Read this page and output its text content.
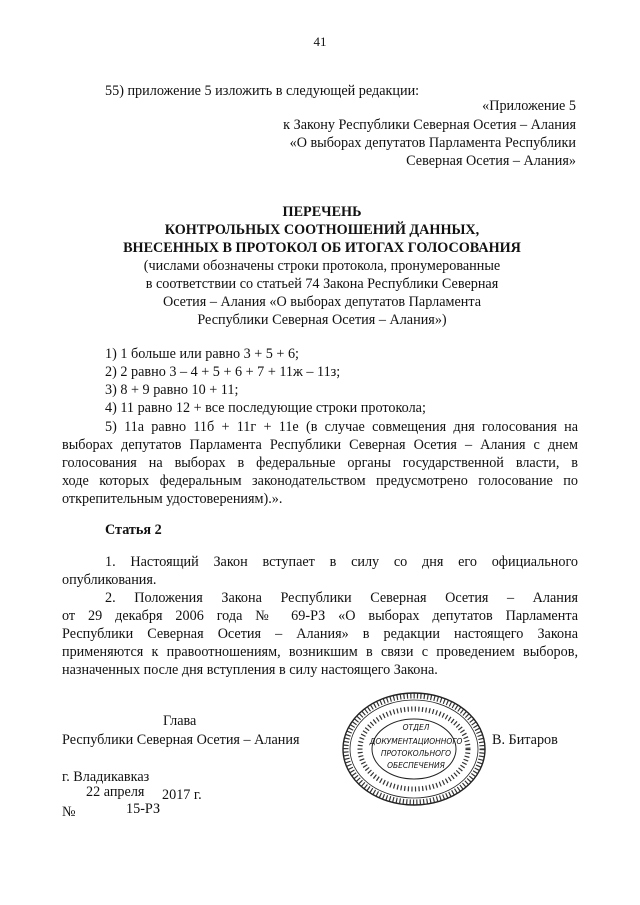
41
55) приложение 5 изложить в следующей редакции:
«Приложение 5
к Закону Республики Северная Осетия – Алания
«О выборах депутатов Парламента Республики
Северная Осетия – Алания»
ПЕРЕЧЕНЬ
КОНТРОЛЬНЫХ СООТНОШЕНИЙ ДАННЫХ,
ВНЕСЕННЫХ В ПРОТОКОЛ ОБ ИТОГАХ ГОЛОСОВАНИЯ
(числами обозначены строки протокола, пронумерованные
в соответствии со статьей 74 Закона Республики Северная
Осетия – Алания «О выборах депутатов Парламента
Республики Северная Осетия – Алания»)
1) 1 больше или равно 3 + 5 + 6;
2) 2 равно 3 – 4 + 5 + 6 + 7 + 11ж – 11з;
3) 8 + 9 равно 10 + 11;
4) 11 равно 12 + все последующие строки протокола;
5) 11а равно 11б + 11г + 11е (в случае совмещения дня голосования на
выборах депутатов Парламента Республики Северная Осетия – Алания с днем
голосования на выборах в федеральные органы государственной власти, в
ходе которых федеральным законодательством предусмотрено голосование по
открепительным удостоверениям).».
Статья 2
1. Настоящий Закон вступает в силу со дня его официального
опубликования.
2. Положения Закона Республики Северная Осетия – Алания
от 29 декабря 2006 года № 69-РЗ «О выборах депутатов Парламента
Республики Северная Осетия – Алания» в редакции настоящего Закона
применяются к правоотношениям, возникшим в связи с проведением выборов,
назначенных после дня вступления в силу настоящего Закона.
Глава
Республики Северная Осетия – Алания	В. Битаров
ОТДЕЛ
ДОКУМЕНТАЦИОННОГО
ПРОТОКОЛЬНОГО
ОБЕСПЕЧЕНИЯ
г. Владикавказ
22 апреля 2017 г.
№	15-РЗ
